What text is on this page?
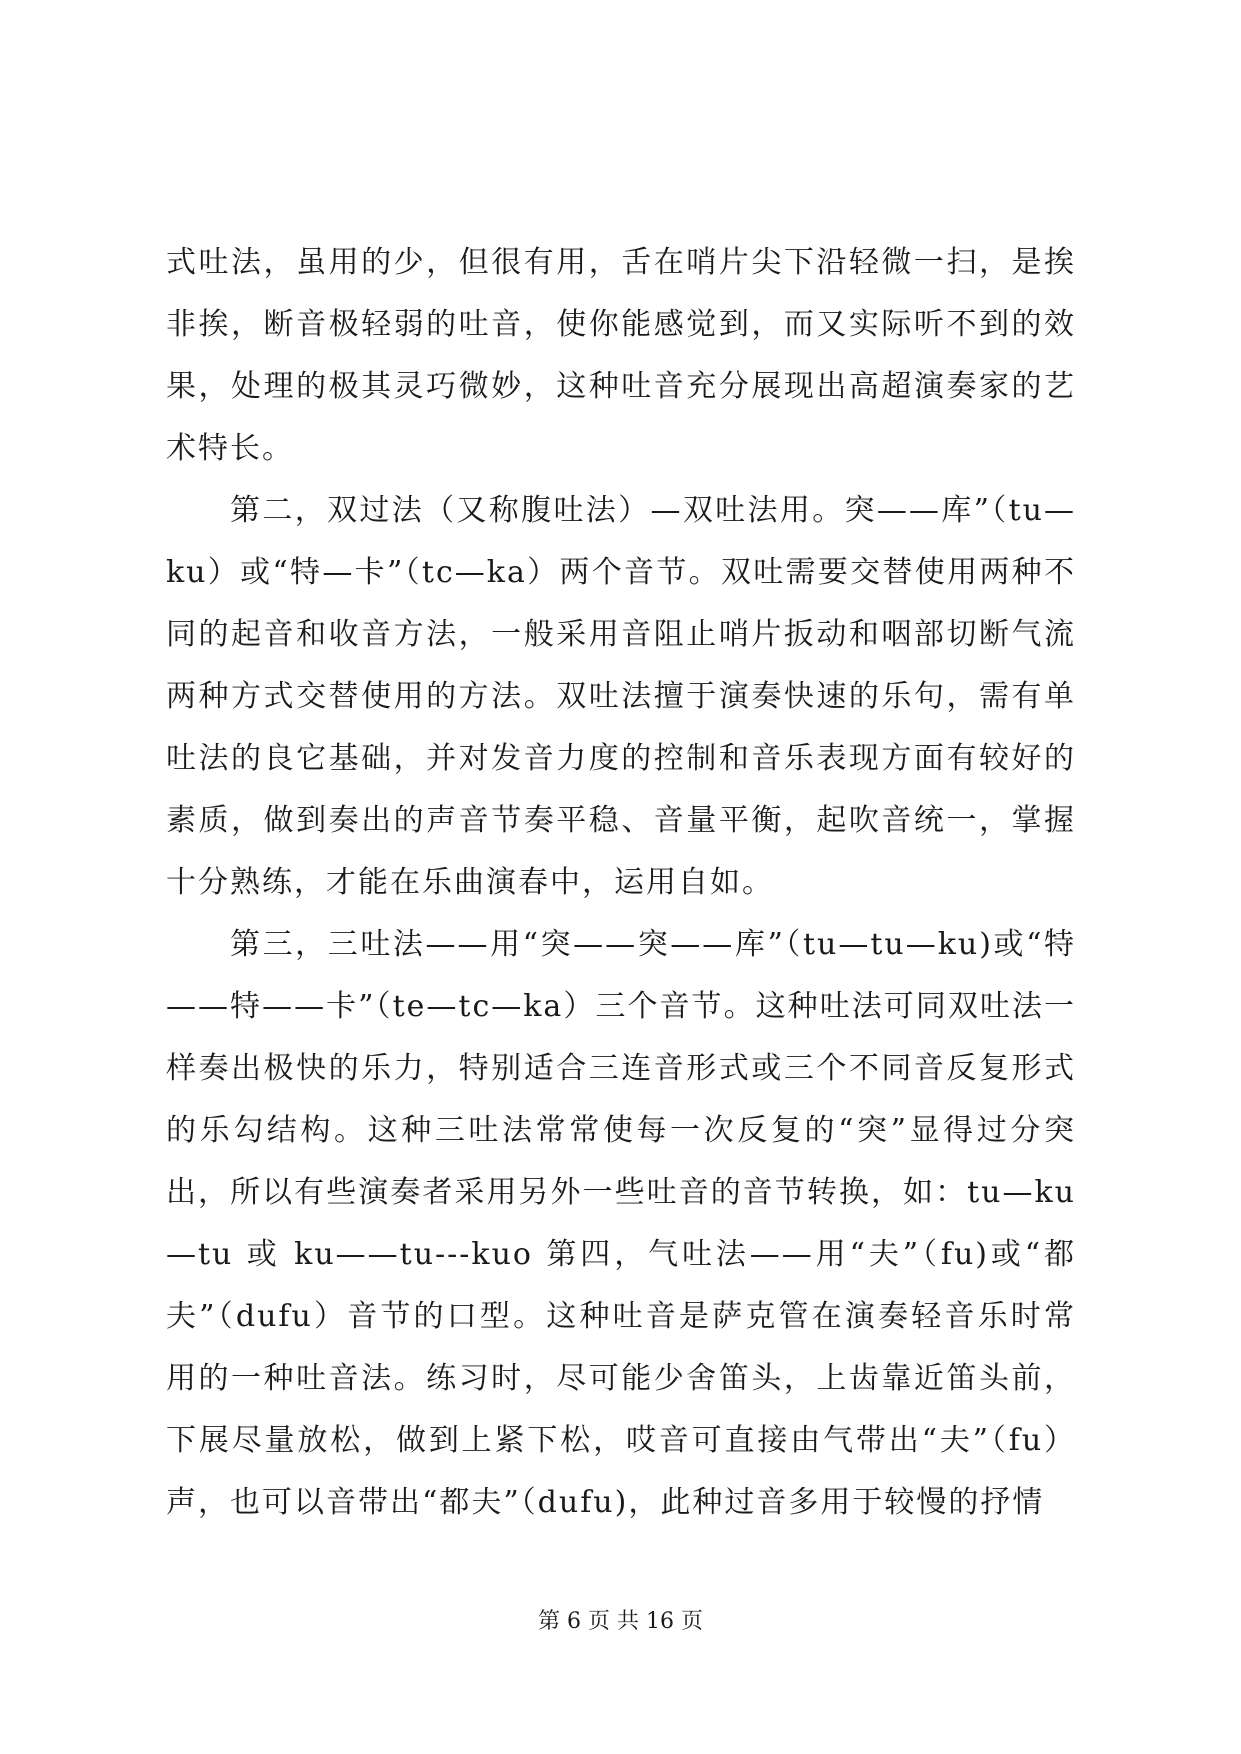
式吐法，虽用的少，但很有用，舌在哨片尖下沿轻微一扫，是挨非挨，断音极轻弱的吐音，使你能感觉到，而又实际听不到的效果，处理的极其灵巧微妙，这种吐音充分展现出高超演奏家的艺术特长。

第二，双过法（又称腹吐法）—双吐法用。突——库”（tu—ku）或“特—卡”（tc—ka）两个音节。双吐需要交替使用两种不同的起音和收音方法，一般采用音阻止哨片扳动和咽部切断气流两种方式交替使用的方法。双吐法擅于演奏快速的乐句，需有单吐法的良它基础，并对发音力度的控制和音乐表现方面有较好的素质，做到奏出的声音节奏平稳、音量平衡，起吹音统一，掌握十分熟练，才能在乐曲演春中，运用自如。

第三，三吐法——用“突——突——库”（tu—tu—ku)或“特——特——卡”（te—tc—ka）三个音节。这种吐法可同双吐法一样奏出极快的乐力，特别适合三连音形式或三个不同音反复形式的乐勾结构。这种三吐法常常使每一次反复的“突”显得过分突出，所以有些演奏者采用另外一些吐音的音节转换，如：tu—ku—tu 或 ku——tu---kuo 第四，气吐法——用“夫”（fu)或“都夫”（dufu）音节的口型。这种吐音是萨克管在演奏轻音乐时常用的一种吐音法。练习时，尽可能少舍笛头，上齿靠近笛头前，下展尽量放松，做到上紧下松，哎音可直接由气带出“夫”（fu）声，也可以音带出“都夫”（dufu)，此种过音多用于较慢的抒情

第 6 页 共 16 页
